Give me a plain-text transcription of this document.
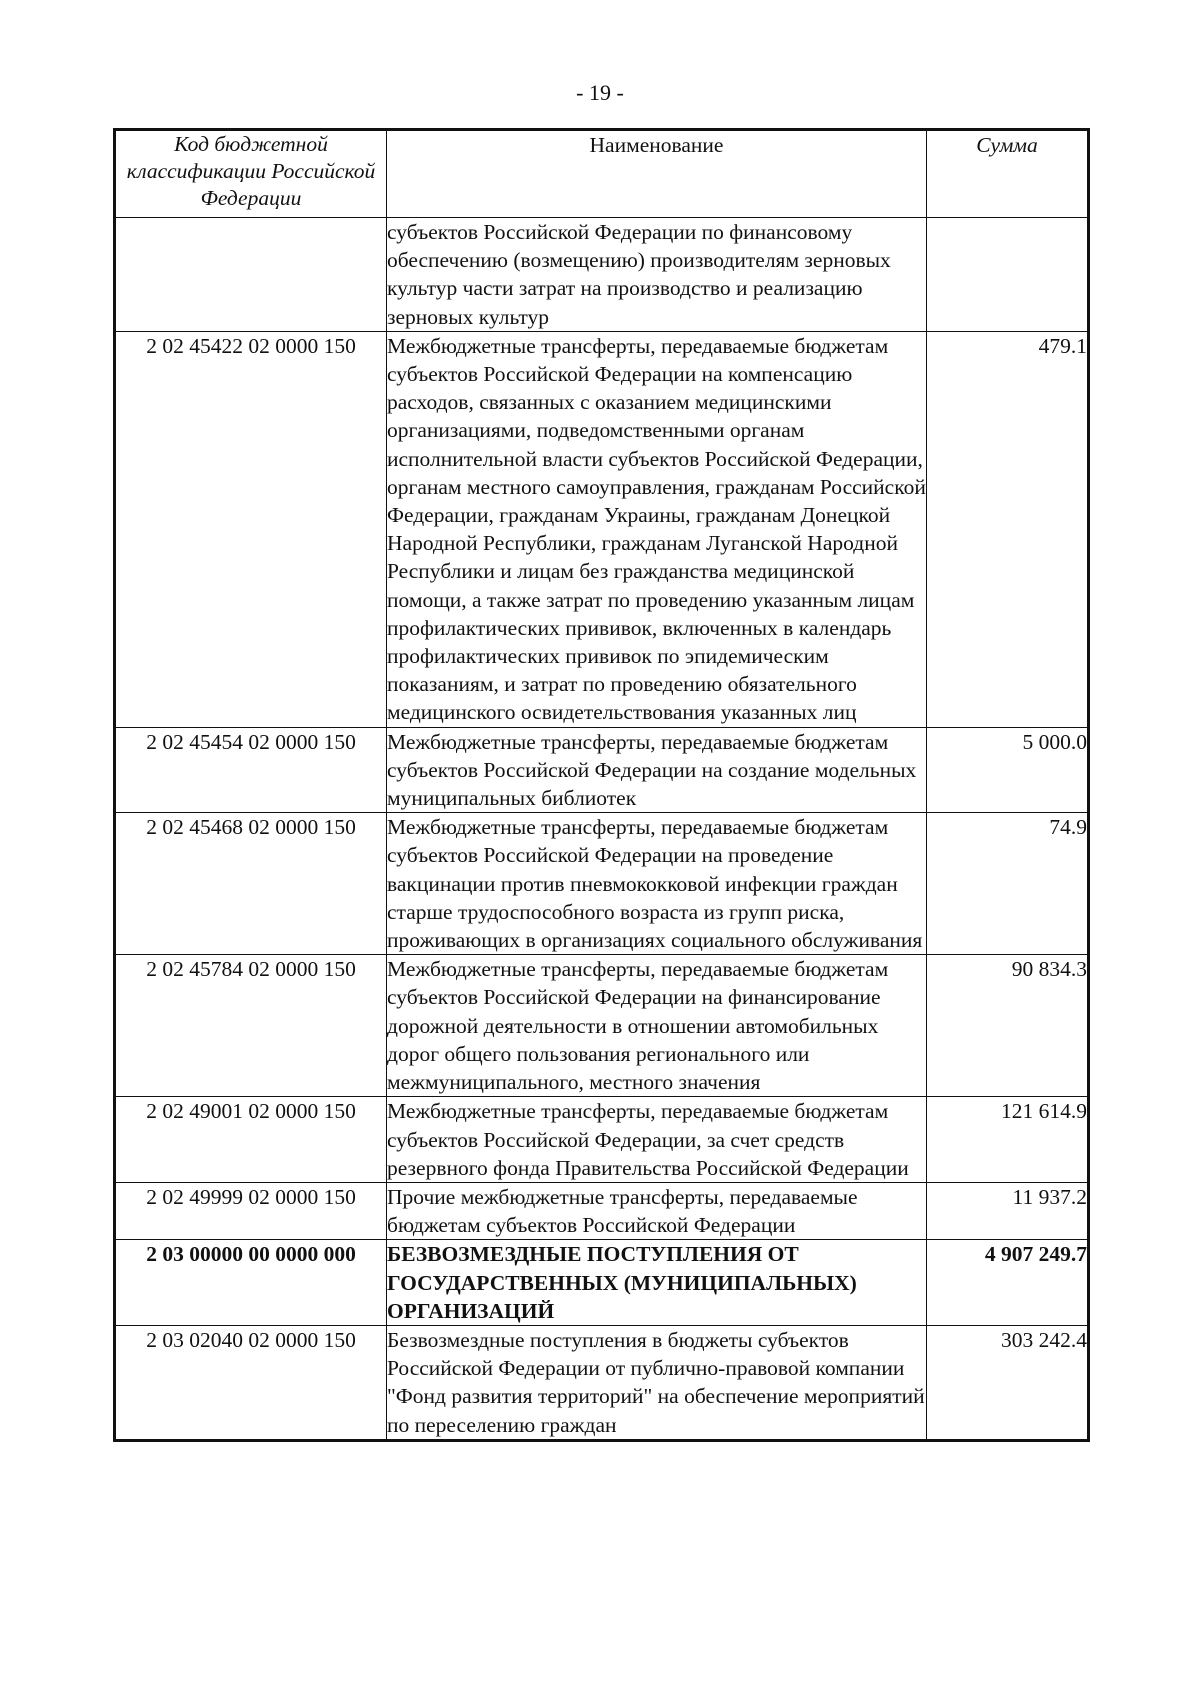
- 19 -
Код бюджетной классификации Российской Федерации	Наименование	Сумма
	субъектов Российской Федерации по финансовому обеспечению (возмещению) производителям зерновых культур части затрат на производство и реализацию зерновых культур	
2 02 45422 02 0000 150	Межбюджетные трансферты, передаваемые бюджетам субъектов Российской Федерации на компенсацию расходов, связанных с оказанием медицинскими организациями, подведомственными органам исполнительной власти субъектов Российской Федерации, органам местного самоуправления, гражданам Российской Федерации, гражданам Украины, гражданам Донецкой Народной Республики, гражданам Луганской Народной Республики и лицам без гражданства медицинской помощи, а также затрат по проведению указанным лицам профилактических прививок, включенных в календарь профилактических прививок по эпидемическим показаниям, и затрат по проведению обязательного медицинского освидетельствования указанных лиц	479.1
2 02 45454 02 0000 150	Межбюджетные трансферты, передаваемые бюджетам субъектов Российской Федерации на создание модельных муниципальных библиотек	5 000.0
2 02 45468 02 0000 150	Межбюджетные трансферты, передаваемые бюджетам субъектов Российской Федерации на проведение вакцинации против пневмококковой инфекции граждан старше трудоспособного возраста из групп риска, проживающих в организациях социального обслуживания	74.9
2 02 45784 02 0000 150	Межбюджетные трансферты, передаваемые бюджетам субъектов Российской Федерации на финансирование дорожной деятельности в отношении автомобильных дорог общего пользования регионального или межмуниципального, местного значения	90 834.3
2 02 49001 02 0000 150	Межбюджетные трансферты, передаваемые бюджетам субъектов Российской Федерации, за счет средств резервного фонда Правительства Российской Федерации	121 614.9
2 02 49999 02 0000 150	Прочие межбюджетные трансферты, передаваемые бюджетам субъектов Российской Федерации	11 937.2
2 03 00000 00 0000 000	БЕЗВОЗМЕЗДНЫЕ ПОСТУПЛЕНИЯ ОТ ГОСУДАРСТВЕННЫХ (МУНИЦИПАЛЬНЫХ) ОРГАНИЗАЦИЙ	4 907 249.7
2 03 02040 02 0000 150	Безвозмездные поступления в бюджеты субъектов Российской Федерации от публично-правовой компании "Фонд развития территорий" на обеспечение мероприятий по переселению граждан	303 242.4
